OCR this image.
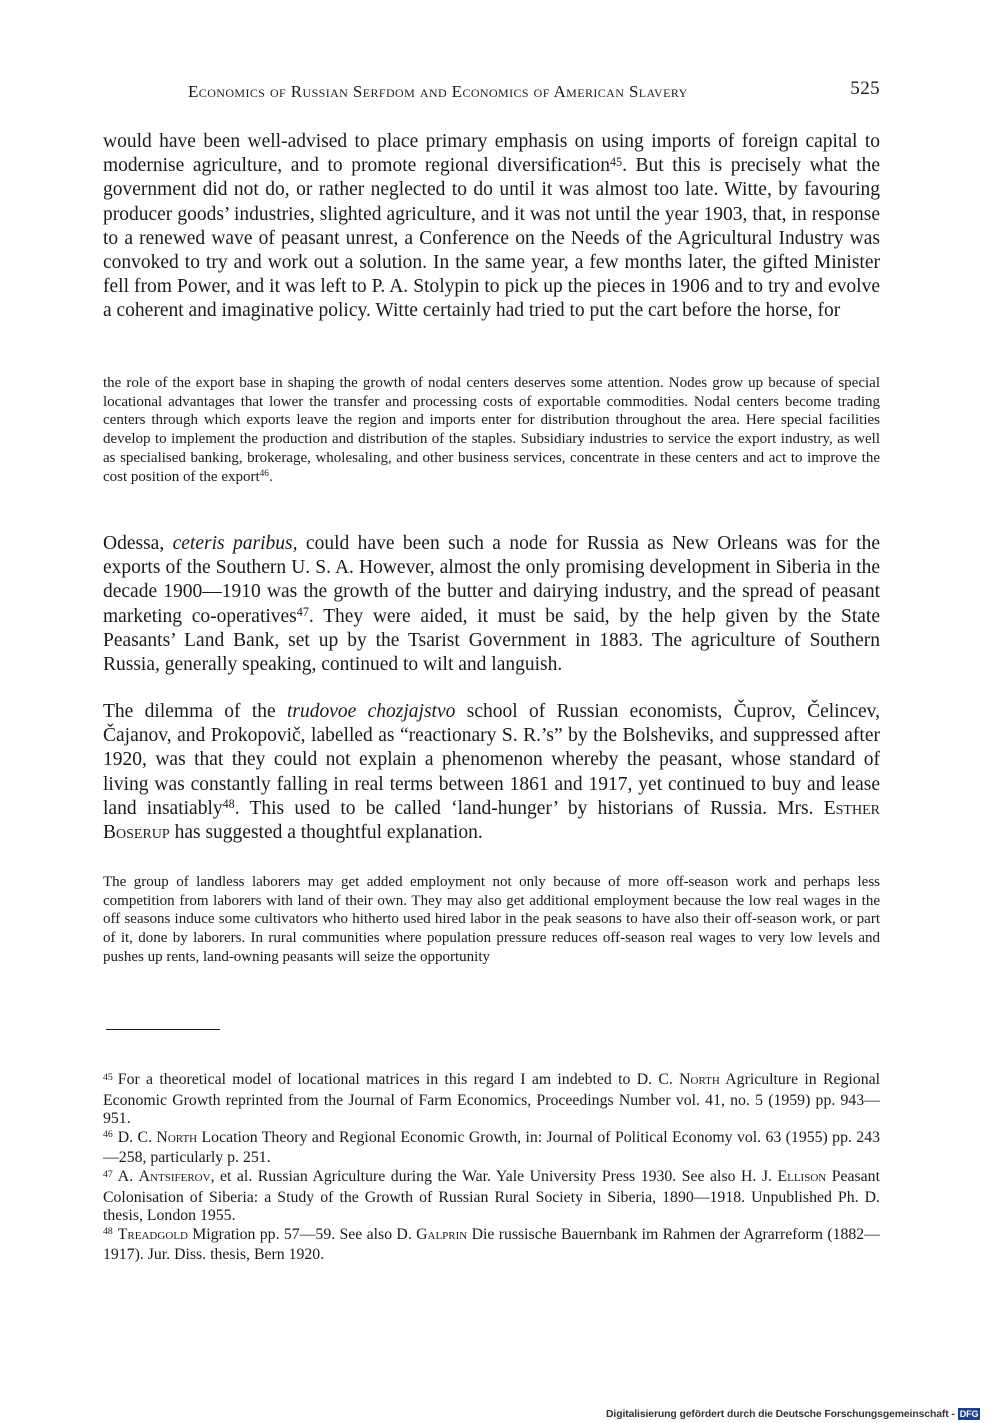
Economics of Russian Serfdom and Economics of American Slavery	525
would have been well-advised to place primary emphasis on using imports of foreign capital to modernise agriculture, and to promote regional diversification$^{45}$. But this is precisely what the government did not do, or rather neglected to do until it was almost too late. Witte, by favouring producer goods’ industries, slighted agriculture, and it was not until the year 1903, that, in response to a renewed wave of peasant unrest, a Conference on the Needs of the Agricultural Industry was convoked to try and work out a solution. In the same year, a few months later, the gifted Minister fell from Power, and it was left to P. A. Stolypin to pick up the pieces in 1906 and to try and evolve a coherent and imaginative policy. Witte certainly had tried to put the cart before the horse, for
the role of the export base in shaping the growth of nodal centers deserves some attention. Nodes grow up because of special locational advantages that lower the transfer and processing costs of exportable commodities. Nodal centers become trading centers through which exports leave the region and imports enter for distribution throughout the area. Here special facilities develop to implement the production and distribution of the staples. Subsidiary industries to service the export industry, as well as specialised banking, brokerage, wholesaling, and other business services, concentrate in these centers and act to improve the cost position of the export$^{46}$.
Odessa, ceteris paribus, could have been such a node for Russia as New Orleans was for the exports of the Southern U. S. A. However, almost the only promising development in Siberia in the decade 1900—1910 was the growth of the butter and dairying industry, and the spread of peasant marketing co-operatives$^{47}$. They were aided, it must be said, by the help given by the State Peasants’ Land Bank, set up by the Tsarist Government in 1883. The agriculture of Southern Russia, generally speaking, continued to wilt and languish.
The dilemma of the trudovoe chozjajstvo school of Russian economists, Čuprov, Čelincev, Čajanov, and Prokopovič, labelled as “reactionary S. R.’s” by the Bolsheviks, and suppressed after 1920, was that they could not explain a phenomenon whereby the peasant, whose standard of living was constantly falling in real terms between 1861 and 1917, yet continued to buy and lease land insatiably$^{48}$. This used to be called ‘land-hunger’ by historians of Russia. Mrs. Esther Boserup has suggested a thoughtful explanation.
The group of landless laborers may get added employment not only because of more off-season work and perhaps less competition from laborers with land of their own. They may also get additional employment because the low real wages in the off seasons induce some cultivators who hitherto used hired labor in the peak seasons to have also their off-season work, or part of it, done by laborers. In rural communities where population pressure reduces off-season real wages to very low levels and pushes up rents, land-owning peasants will seize the opportunity

$^{45}$ For a theoretical model of locational matrices in this regard I am indebted to D. C. North Agriculture in Regional Economic Growth reprinted from the Journal of Farm Economics, Proceedings Number vol. 41, no. 5 (1959) pp. 943—951.

$^{46}$ D. C. North Location Theory and Regional Economic Growth, in: Journal of Political Economy vol. 63 (1955) pp. 243—258, particularly p. 251.

$^{47}$ A. Antsiferov, et al. Russian Agriculture during the War. Yale University Press 1930. See also H. J. Ellison Peasant Colonisation of Siberia: a Study of the Growth of Russian Rural Society in Siberia, 1890—1918. Unpublished Ph. D. thesis, London 1955.

$^{48}$ Treadgold Migration pp. 57—59. See also D. Galprin Die russische Bauernbank im Rahmen der Agrarreform (1882—1917). Jur. Diss. thesis, Bern 1920.

Digitalisierung gefördert durch die Deutsche Forschungsgemeinschaft - DFG
